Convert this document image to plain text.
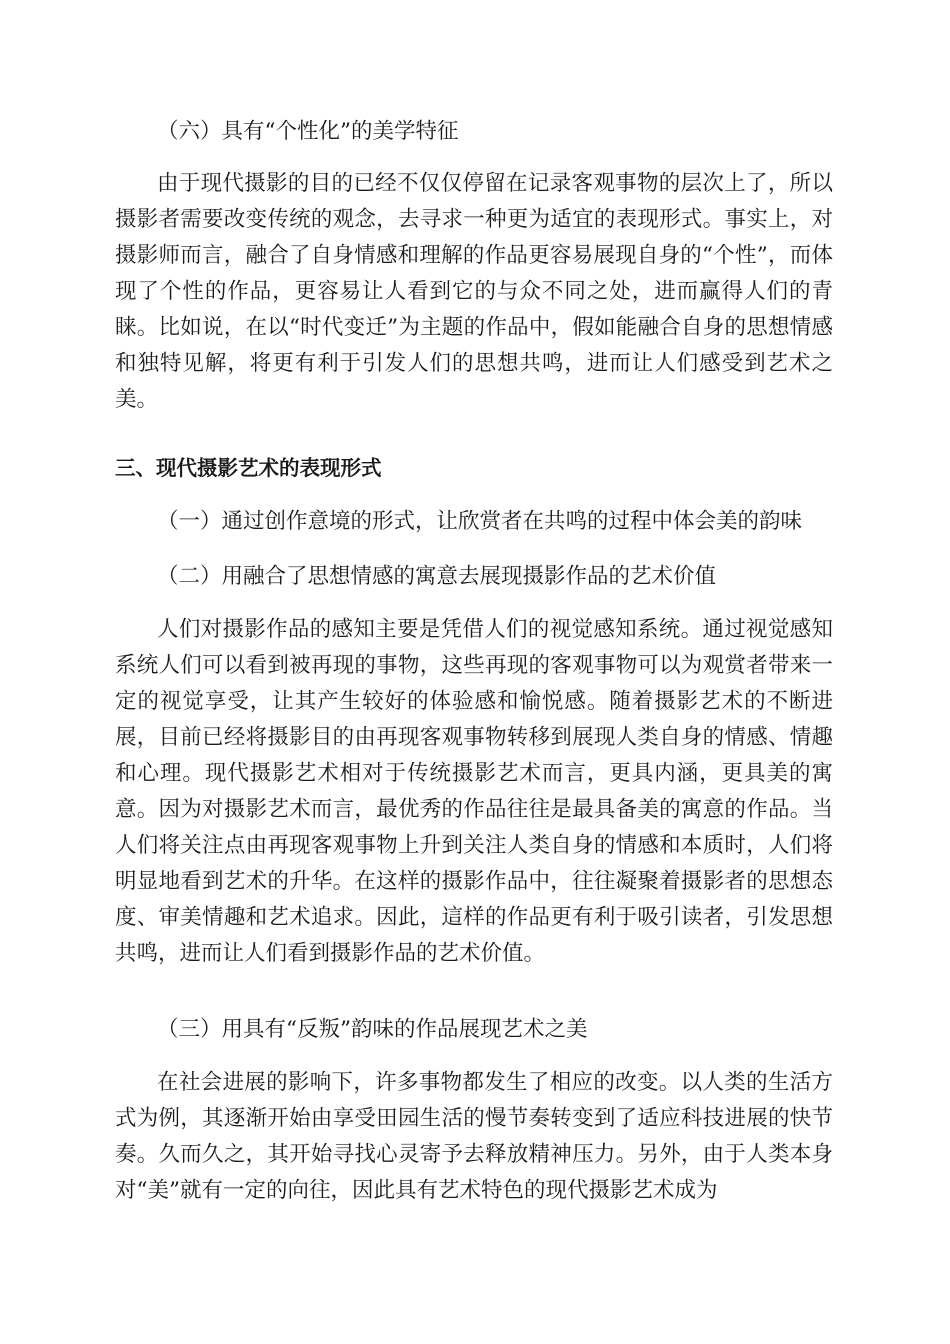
（六）具有“个性化”的美学特征

由于现代摄影的目的已经不仅仅停留在记录客观事物的层次上了，所以摄影者需要改变传统的观念，去寻求一种更为适宜的表现形式。事实上，对摄影师而言，融合了自身情感和理解的作品更容易展现自身的“个性”，而体现了个性的作品，更容易让人看到它的与众不同之处，进而赢得人们的青睐。比如说，在以“时代变迁”为主题的作品中，假如能融合自身的思想情感和独特见解，将更有利于引发人们的思想共鸣，进而让人们感受到艺术之美。

三、现代摄影艺术的表现形式

（一）通过创作意境的形式，让欣赏者在共鸣的过程中体会美的韵味

（二）用融合了思想情感的寓意去展现摄影作品的艺术价值

人们对摄影作品的感知主要是凭借人们的视觉感知系统。通过视觉感知系统人们可以看到被再现的事物，这些再现的客观事物可以为观赏者带来一定的视觉享受，让其产生较好的体验感和愉悦感。随着摄影艺术的不断进展，目前已经将摄影目的由再现客观事物转移到展现人类自身的情感、情趣和心理。现代摄影艺术相对于传统摄影艺术而言，更具内涵，更具美的寓意。因为对摄影艺术而言，最优秀的作品往往是最具备美的寓意的作品。当人们将关注点由再现客观事物上升到关注人类自身的情感和本质时，人们将明显地看到艺术的升华。在这样的摄影作品中，往往凝聚着摄影者的思想态度、审美情趣和艺术追求。因此，這样的作品更有利于吸引读者，引发思想共鸣，进而让人们看到摄影作品的艺术价值。

（三）用具有“反叛”韵味的作品展现艺术之美

在社会进展的影响下，许多事物都发生了相应的改变。以人类的生活方式为例，其逐渐开始由享受田园生活的慢节奏转变到了适应科技进展的快节奏。久而久之，其开始寻找心灵寄予去释放精神压力。另外，由于人类本身对“美”就有一定的向往，因此具有艺术特色的现代摄影艺术成为
